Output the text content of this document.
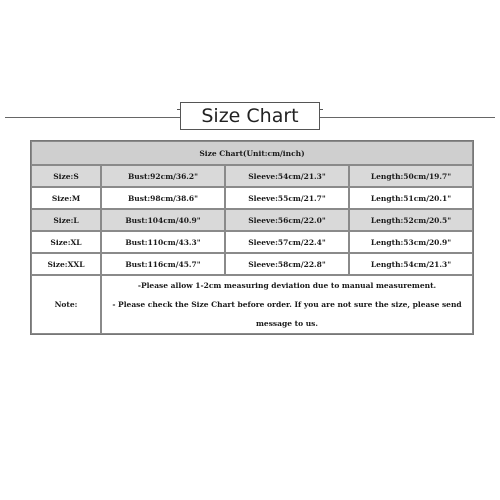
Size Chart
Size Chart(Unit:cm/inch)			
Size:S	Bust:92cm/36.2"	Sleeve:54cm/21.3"	Length:50cm/19.7"
Size:M	Bust:98cm/38.6"	Sleeve:55cm/21.7"	Length:51cm/20.1"
Size:L	Bust:104cm/40.9"	Sleeve:56cm/22.0"	Length:52cm/20.5"
Size:XL	Bust:110cm/43.3"	Sleeve:57cm/22.4"	Length:53cm/20.9"
Size:XXL	Bust:116cm/45.7"	Sleeve:58cm/22.8"	Length:54cm/21.3"
Note:	-Please allow 1-2cm measuring deviation due to manual measurement.
- Please check the Size Chart before order. If you are not sure the size, please send message to us.		
